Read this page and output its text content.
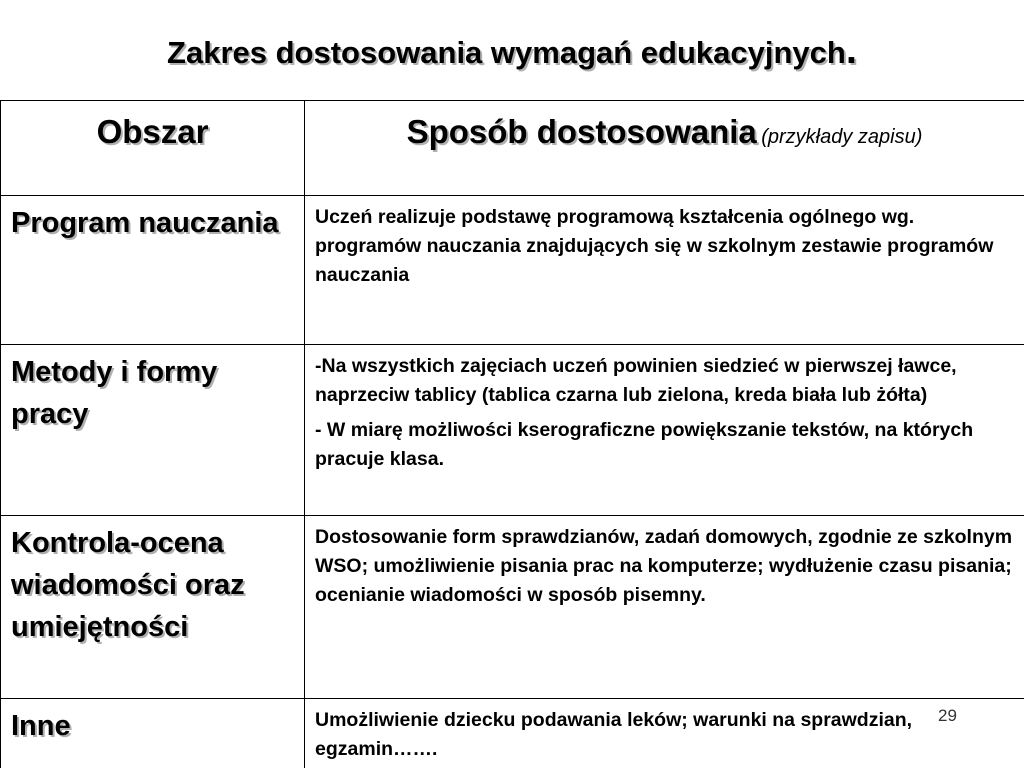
Zakres dostosowania wymagań edukacyjnych.
Obszar	Sposób dostosowania (przykłady zapisu)
Program nauczania	Uczeń realizuje podstawę programową kształcenia ogólnego wg. programów nauczania znajdujących się w szkolnym zestawie programów nauczania

Metody i formy pracy	-Na wszystkich zajęciach uczeń powinien siedzieć w pierwszej ławce, naprzeciw tablicy (tablica czarna lub zielona, kreda biała lub żółta)

- W miarę możliwości kserograficzne powiększanie tekstów, na których pracuje klasa.

Kontrola-ocena wiadomości oraz umiejętności	Dostosowanie form sprawdzianów, zadań domowych, zgodnie ze szkolnym WSO; umożliwienie pisania prac na komputerze; wydłużenie czasu pisania; ocenianie wiadomości w sposób pisemny.

Inne	Umożliwienie dziecku podawania leków; warunki na sprawdzian, egzamin…….

29
